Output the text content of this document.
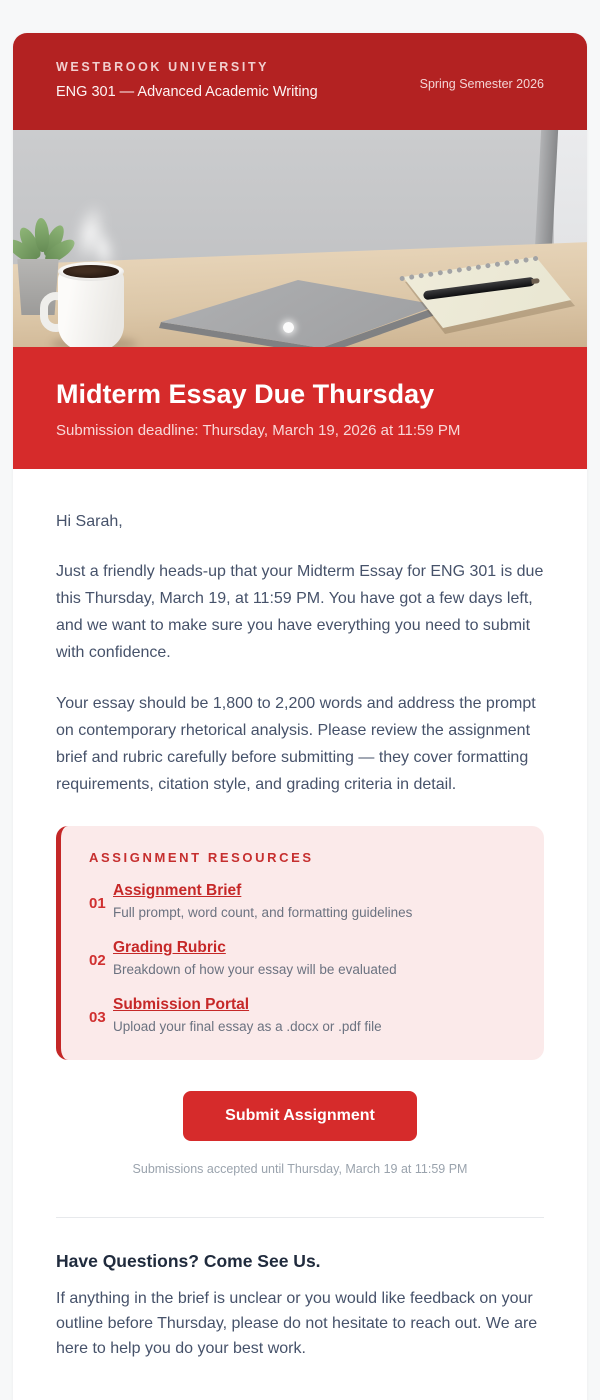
WESTBROOK UNIVERSITY
ENG 301 — Advanced Academic Writing	Spring Semester 2026
Midterm Essay Due Thursday
Submission deadline: Thursday, March 19, 2026 at 11:59 PM
Hi Sarah,
Just a friendly heads-up that your Midterm Essay for ENG 301 is due this Thursday, March 19, at 11:59 PM. You have got a few days left, and we want to make sure you have everything you need to submit with confidence.
Your essay should be 1,800 to 2,200 words and address the prompt on contemporary rhetorical analysis. Please review the assignment brief and rubric carefully before submitting — they cover formatting requirements, citation style, and grading criteria in detail.
ASSIGNMENT RESOURCES
01
Assignment Brief
Full prompt, word count, and formatting guidelines
02
Grading Rubric
Breakdown of how your essay will be evaluated
03
Submission Portal
Upload your final essay as a .docx or .pdf file
Submit Assignment
Submissions accepted until Thursday, March 19 at 11:59 PM
Have Questions? Come See Us.
If anything in the brief is unclear or you would like feedback on your outline before Thursday, please do not hesitate to reach out. We are here to help you do your best work.
